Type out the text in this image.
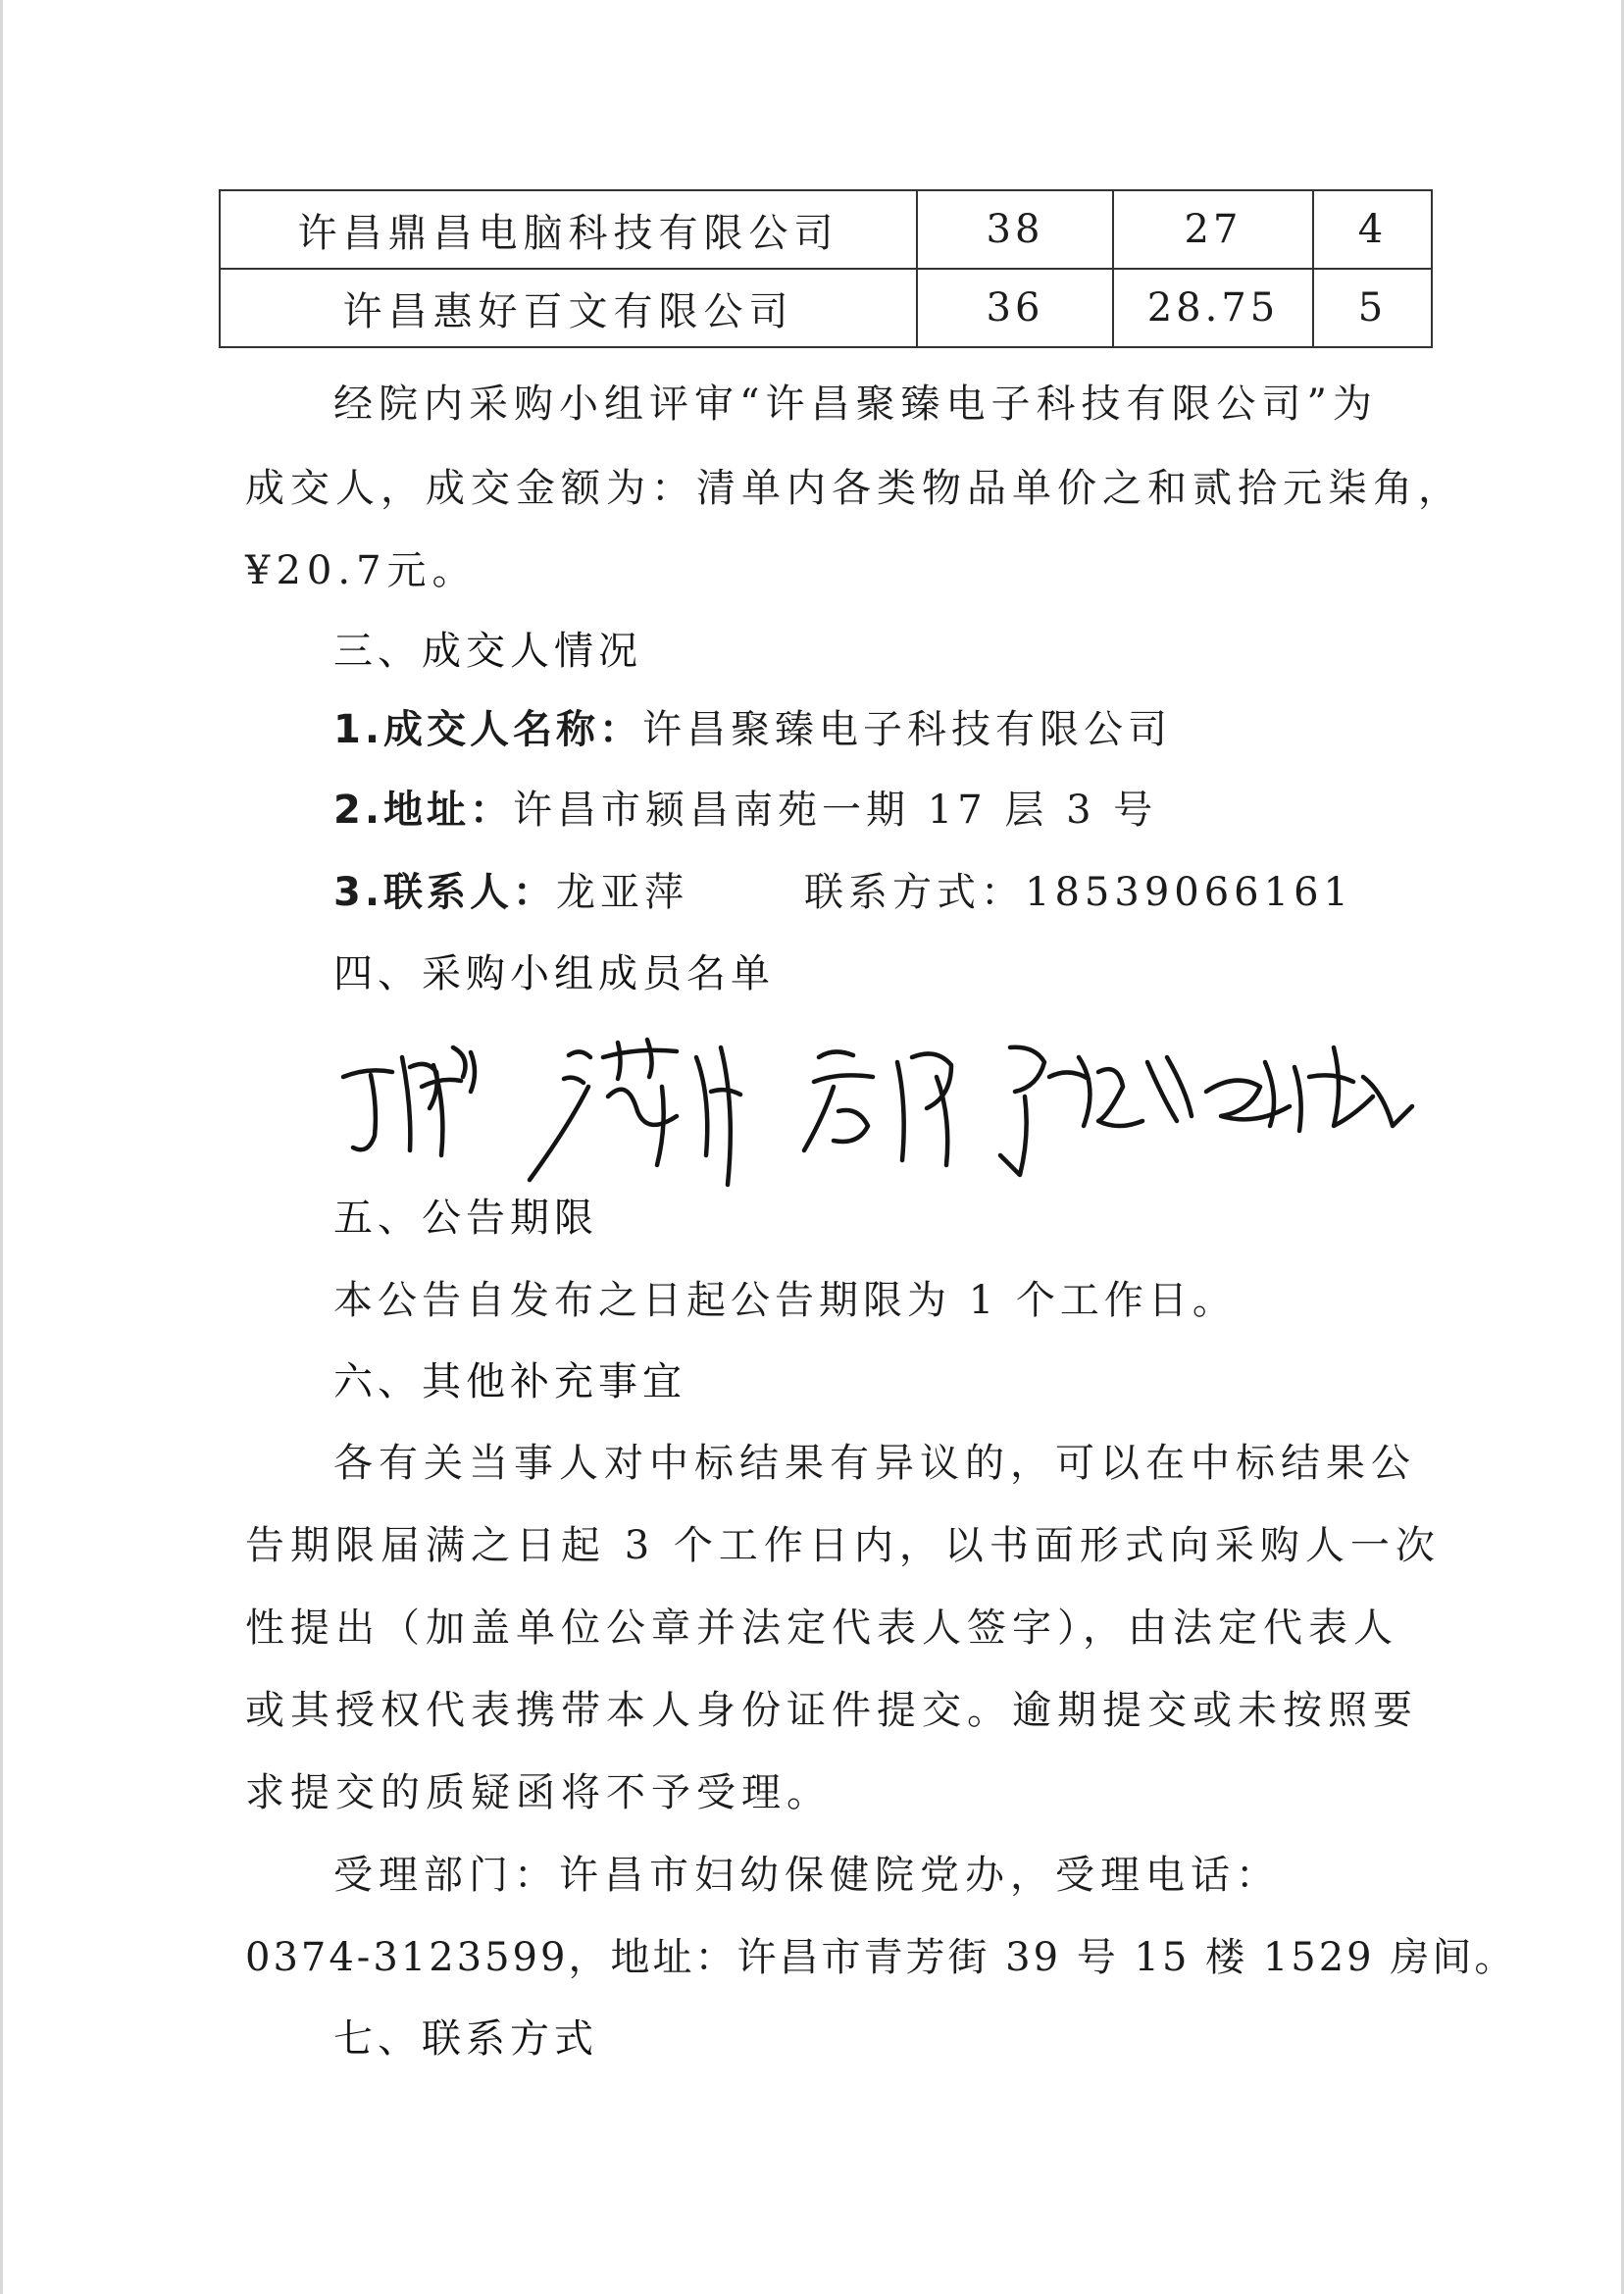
许昌鼎昌电脑科技有限公司	38	27	4
许昌惠好百文有限公司	36	28.75	5
经院内采购小组评审“许昌聚臻电子科技有限公司”为
成交人，成交金额为：清单内各类物品单价之和贰拾元柒角，
¥20.7元。
三、成交人情况
1.成交人名称：许昌聚臻电子科技有限公司
2.地址：许昌市颍昌南苑一期 17 层 3 号
3.联系人：龙亚萍	联系方式：18539066161
四、采购小组成员名单
五、公告期限
本公告自发布之日起公告期限为 1 个工作日。
六、其他补充事宜
各有关当事人对中标结果有异议的，可以在中标结果公
告期限届满之日起 3 个工作日内，以书面形式向采购人一次
性提出（加盖单位公章并法定代表人签字），由法定代表人
或其授权代表携带本人身份证件提交。逾期提交或未按照要
求提交的质疑函将不予受理。
受理部门：许昌市妇幼保健院党办，受理电话：
0374-3123599，地址：许昌市青芳街 39 号 15 楼 1529 房间。
七、联系方式
